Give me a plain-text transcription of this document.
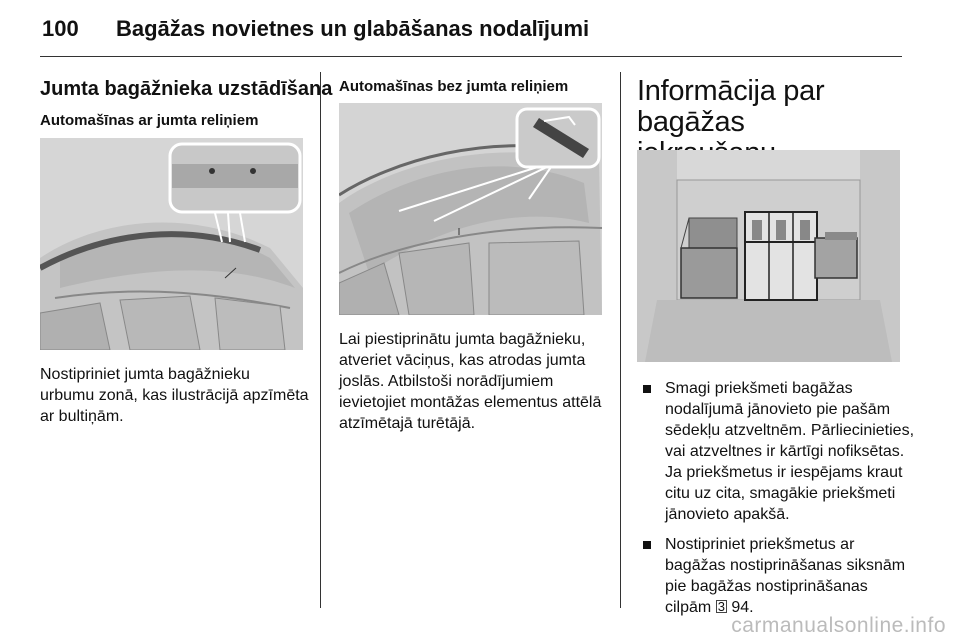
100 Bagāžas novietnes un glabāšanas nodalījumi
Jumta bagāžnieka uzstādīšana
Automašīnas ar jumta reliņiem
Nostipriniet jumta bagāžnieku
urbumu zonā, kas ilustrācijā apzīmēta
ar bultiņām.
Automašīnas bez jumta reliņiem
Lai piestiprinātu jumta bagāžnieku,
atveriet vāciņus, kas atrodas jumta
joslās. Atbilstoši norādījumiem
ievietojiet montāžas elementus attēlā
atzīmētajā turētājā.
Informācija par bagāžas
Smagi priekšmeti bagāžas
nodalījumā jānovieto pie pašām
sēdekļu atzveltnēm. Pārliecinieties,
vai atzveltnes ir kārtīgi nofiksētas.
Ja priekšmetus ir iespējams kraut
citu uz cita, smagākie priekšmeti
jānovieto apakšā.
Nostipriniet priekšmetus ar
bagāžas nostiprināšanas siksnām
pie bagāžas nostiprināšanas
cilpām 3 94.
carmanualsonline.info
